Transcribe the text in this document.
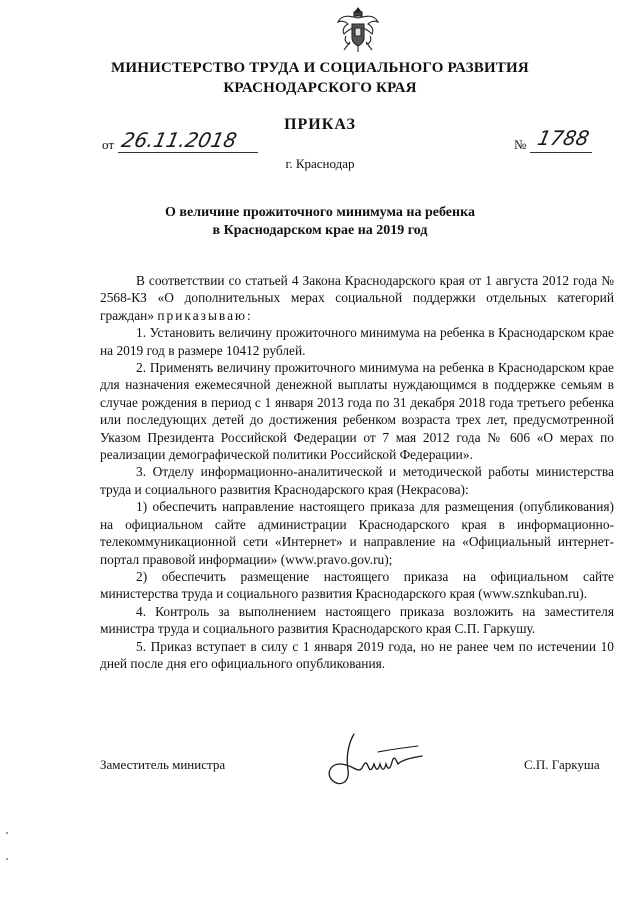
МИНИСТЕРСТВО ТРУДА И СОЦИАЛЬНОГО РАЗВИТИЯ
КРАСНОДАРСКОГО КРАЯ
ПРИКАЗ
от 26.11.2018	№ 1788
г. Краснодар
О величине прожиточного минимума на ребенка
в Краснодарском крае на 2019 год

В соответствии со статьей 4 Закона Краснодарского края от 1 августа 2012 года № 2568-КЗ «О дополнительных мерах социальной поддержки отдельных категорий граждан» приказываю:

1. Установить величину прожиточного минимума на ребенка в Краснодарском крае на 2019 год в размере 10412 рублей.

2. Применять величину прожиточного минимума на ребенка в Краснодарском крае для назначения ежемесячной денежной выплаты нуждающимся в поддержке семьям в случае рождения в период с 1 января 2013 года по 31 декабря 2018 года третьего ребенка или последующих детей до достижения ребенком возраста трех лет, предусмотренной Указом Президента Российской Федерации от 7 мая 2012 года № 606 «О мерах по реализации демографической политики Российской Федерации».

3. Отделу информационно-аналитической и методической работы министерства труда и социального развития Краснодарского края (Некрасова):

1) обеспечить направление настоящего приказа для размещения (опубликования) на официальном сайте администрации Краснодарского края в информационно-телекоммуникационной сети «Интернет» и направление на «Официальный интернет-портал правовой информации» (www.pravo.gov.ru);

2) обеспечить размещение настоящего приказа на официальном сайте министерства труда и социального развития Краснодарского края (www.sznkuban.ru).

4. Контроль за выполнением настоящего приказа возложить на заместителя министра труда и социального развития Краснодарского края С.П. Гаркушу.

5. Приказ вступает в силу с 1 января 2019 года, но не ранее чем по истечении 10 дней после дня его официального опубликования.

Заместитель министра	С.П. Гаркуша
